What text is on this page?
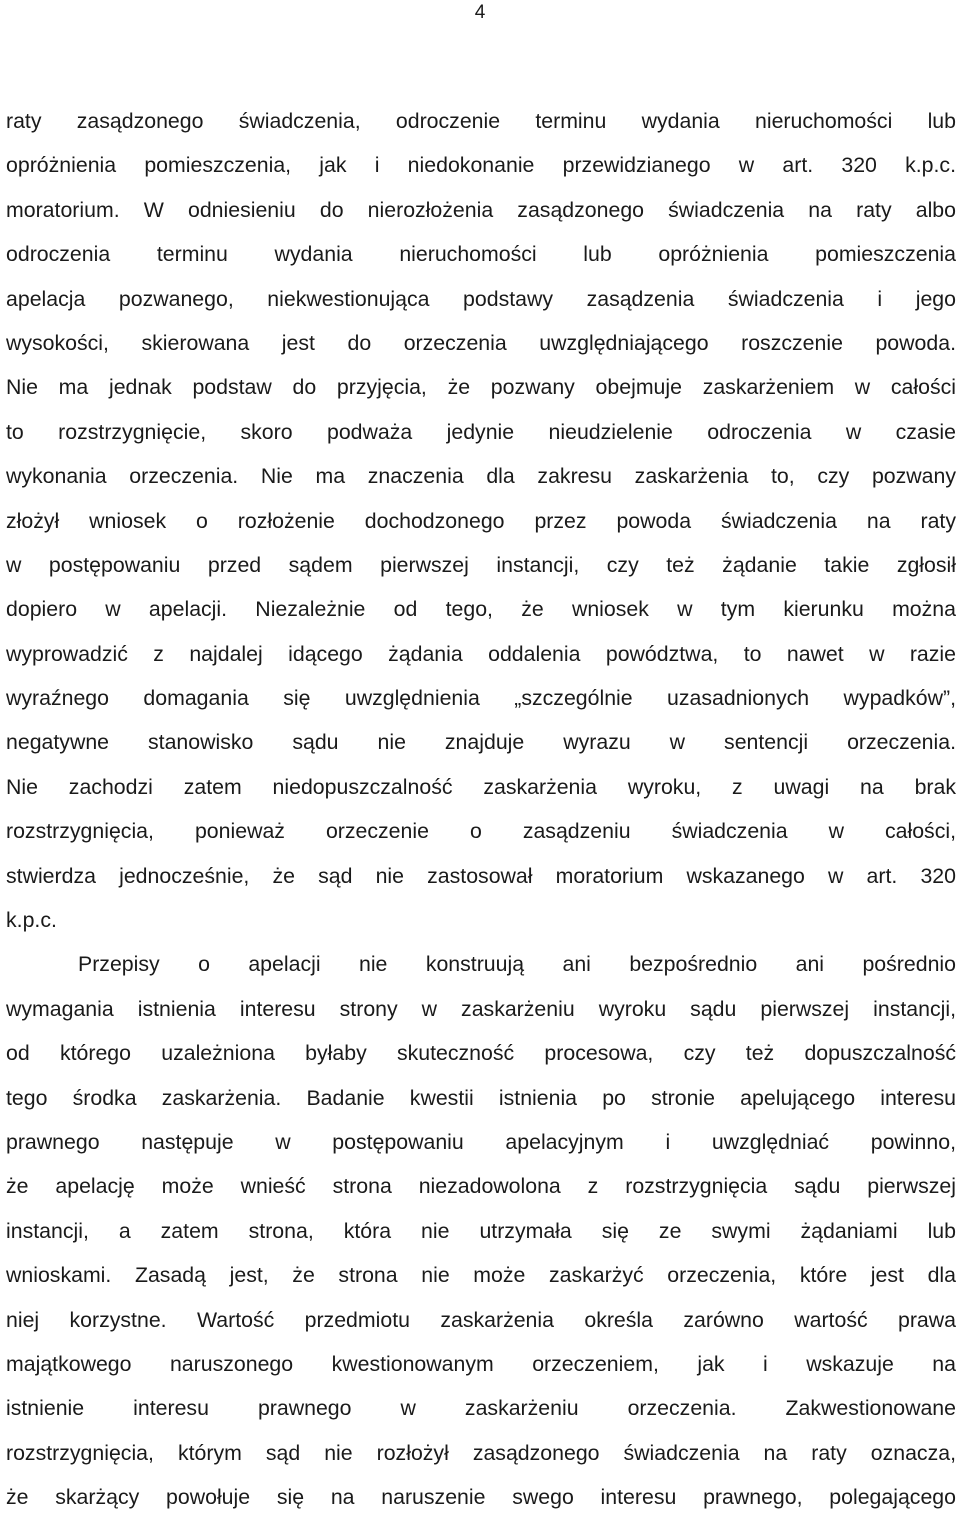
4
raty zasądzonego świadczenia, odroczenie terminu wydania nieruchomości lub
opróżnienia pomieszczenia, jak i niedokonanie przewidzianego w art. 320 k.p.c.
moratorium. W odniesieniu do nierozłożenia zasądzonego świadczenia na raty albo
odroczenia terminu wydania nieruchomości lub opróżnienia pomieszczenia
apelacja pozwanego, niekwestionująca podstawy zasądzenia świadczenia i jego
wysokości, skierowana jest do orzeczenia uwzględniającego roszczenie powoda.
Nie ma jednak podstaw do przyjęcia, że pozwany obejmuje zaskarżeniem w całości
to rozstrzygnięcie, skoro podważa jedynie nieudzielenie odroczenia w czasie
wykonania orzeczenia. Nie ma znaczenia dla zakresu zaskarżenia to, czy pozwany
złożył wniosek o rozłożenie dochodzonego przez powoda świadczenia na raty
w postępowaniu przed sądem pierwszej instancji, czy też żądanie takie zgłosił
dopiero w apelacji. Niezależnie od tego, że wniosek w tym kierunku można
wyprowadzić z najdalej idącego żądania oddalenia powództwa, to nawet w razie
wyraźnego domagania się uwzględnienia „szczególnie uzasadnionych wypadków”,
negatywne stanowisko sądu nie znajduje wyrazu w sentencji orzeczenia.
Nie zachodzi zatem niedopuszczalność zaskarżenia wyroku, z uwagi na brak
rozstrzygnięcia, ponieważ orzeczenie o zasądzeniu świadczenia w całości,
stwierdza jednocześnie, że sąd nie zastosował moratorium wskazanego w art. 320
k.p.c.
Przepisy o apelacji nie konstruują ani bezpośrednio ani pośrednio
wymagania istnienia interesu strony w zaskarżeniu wyroku sądu pierwszej instancji,
od którego uzależniona byłaby skuteczność procesowa, czy też dopuszczalność
tego środka zaskarżenia. Badanie kwestii istnienia po stronie apelującego interesu
prawnego następuje w postępowaniu apelacyjnym i uwzględniać powinno,
że apelację może wnieść strona niezadowolona z rozstrzygnięcia sądu pierwszej
instancji, a zatem strona, która nie utrzymała się ze swymi żądaniami lub
wnioskami. Zasadą jest, że strona nie może zaskarżyć orzeczenia, które jest dla
niej korzystne. Wartość przedmiotu zaskarżenia określa zarówno wartość prawa
majątkowego naruszonego kwestionowanym orzeczeniem, jak i wskazuje na
istnienie interesu prawnego w zaskarżeniu orzeczenia. Zakwestionowane
rozstrzygnięcia, którym sąd nie rozłożył zasądzonego świadczenia na raty oznacza,
że skarżący powołuje się na naruszenie swego interesu prawnego, polegającego
